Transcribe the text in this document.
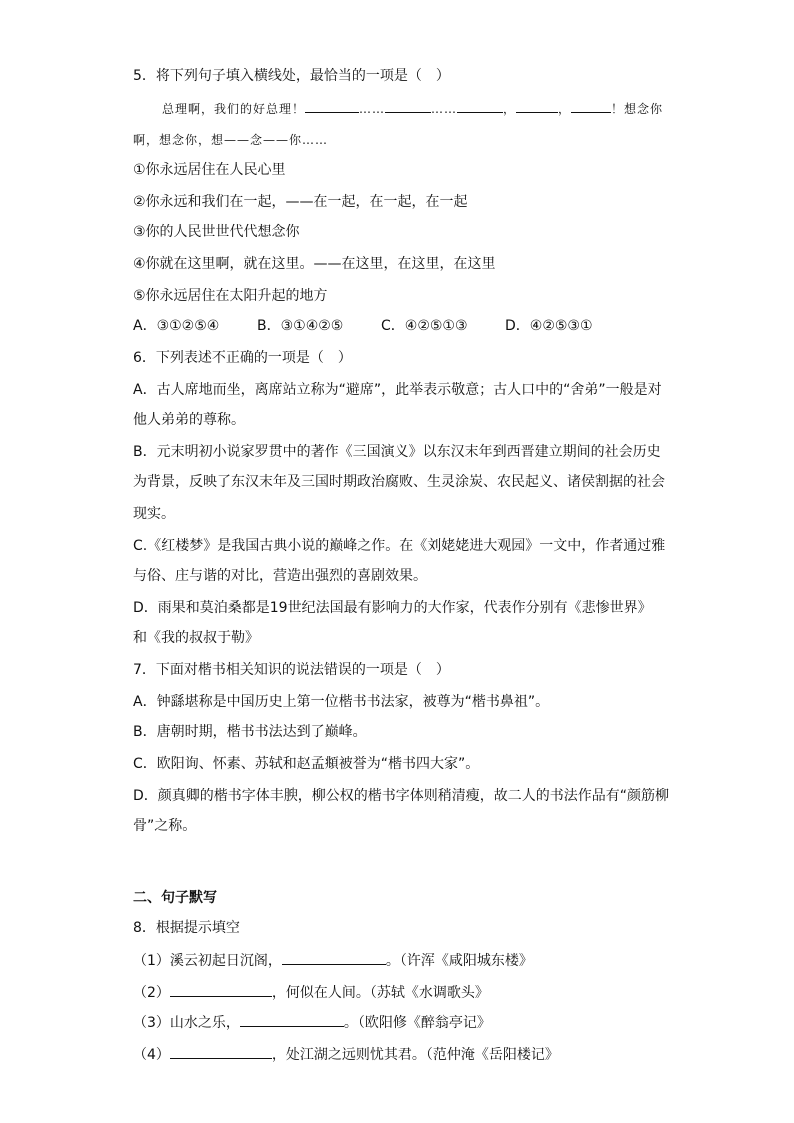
5．将下列句子填入横线处，最恰当的一项是（　）
总理啊，我们的好总理！	……	……	，	，	！想念你
啊，想念你，想——念——你……
①你永远居住在人民心里
②你永远和我们在一起，——在一起，在一起，在一起
③你的人民世世代代想念你
④你就在这里啊，就在这里。——在这里，在这里，在这里
⑤你永远居住在太阳升起的地方
A．③①②⑤④	B．③①④②⑤	C．④②⑤①③	D．④②⑤③①
6．下列表述不正确的一项是（　）
A．古人席地而坐，离席站立称为“避席”，此举表示敬意；古人口中的“舍弟”一般是对
他人弟弟的尊称。
B．元末明初小说家罗贯中的著作《三国演义》以东汉末年到西晋建立期间的社会历史
为背景，反映了东汉末年及三国时期政治腐败、生灵涂炭、农民起义、诸侯割据的社会
现实。
C.《红楼梦》是我国古典小说的巅峰之作。在《刘姥姥进大观园》一文中，作者通过雅
与俗、庄与谐的对比，营造出强烈的喜剧效果。
D．雨果和莫泊桑都是19世纪法国最有影响力的大作家，代表作分别有《悲惨世界》
和《我的叔叔于勒》
7．下面对楷书相关知识的说法错误的一项是（　）
A．钟繇堪称是中国历史上第一位楷书书法家，被尊为“楷书鼻祖”。
B．唐朝时期，楷书书法达到了巅峰。
C．欧阳询、怀素、苏轼和赵孟頫被誉为“楷书四大家”。
D．颜真卿的楷书字体丰腴，柳公权的楷书字体则稍清瘦，故二人的书法作品有“颜筋柳
骨”之称。
二、句子默写
8．根据提示填空
（1）溪云初起日沉阁，	。（许浑《咸阳城东楼》
（2）	，何似在人间。（苏轼《水调歌头》
（3）山水之乐，	。（欧阳修《醉翁亭记》
（4）	，处江湖之远则忧其君。（范仲淹《岳阳楼记》
